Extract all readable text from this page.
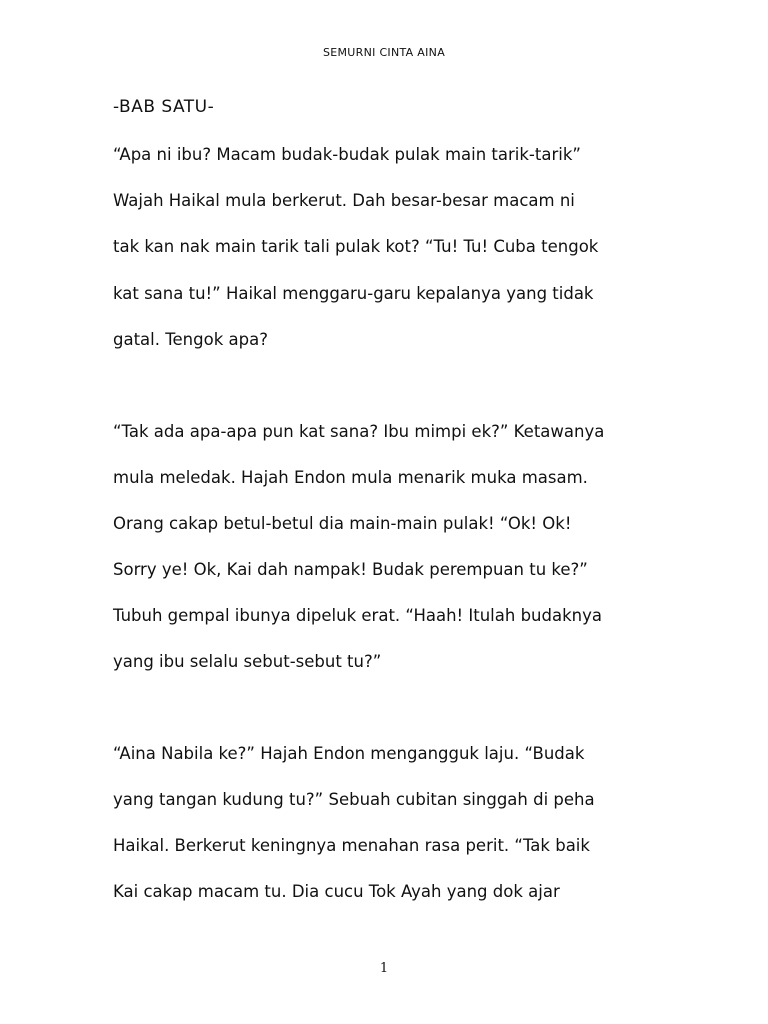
SEMURNI CINTA AINA
-BAB SATU-
“Apa ni ibu? Macam budak-budak pulak main tarik-tarik”
Wajah Haikal mula berkerut. Dah besar-besar macam ni
tak kan nak main tarik tali pulak kot? “Tu! Tu! Cuba tengok
kat sana tu!” Haikal menggaru-garu kepalanya yang tidak
gatal. Tengok apa?
“Tak ada apa-apa pun kat sana? Ibu mimpi ek?” Ketawanya
mula meledak. Hajah Endon mula menarik muka masam.
Orang cakap betul-betul dia main-main pulak! “Ok! Ok!
Sorry ye! Ok, Kai dah nampak! Budak perempuan tu ke?”
Tubuh gempal ibunya dipeluk erat. “Haah! Itulah budaknya
yang ibu selalu sebut-sebut tu?”
“Aina Nabila ke?” Hajah Endon mengangguk laju. “Budak
yang tangan kudung tu?” Sebuah cubitan singgah di peha
Haikal. Berkerut keningnya menahan rasa perit. “Tak baik
Kai cakap macam tu. Dia cucu Tok Ayah yang dok ajar
1
